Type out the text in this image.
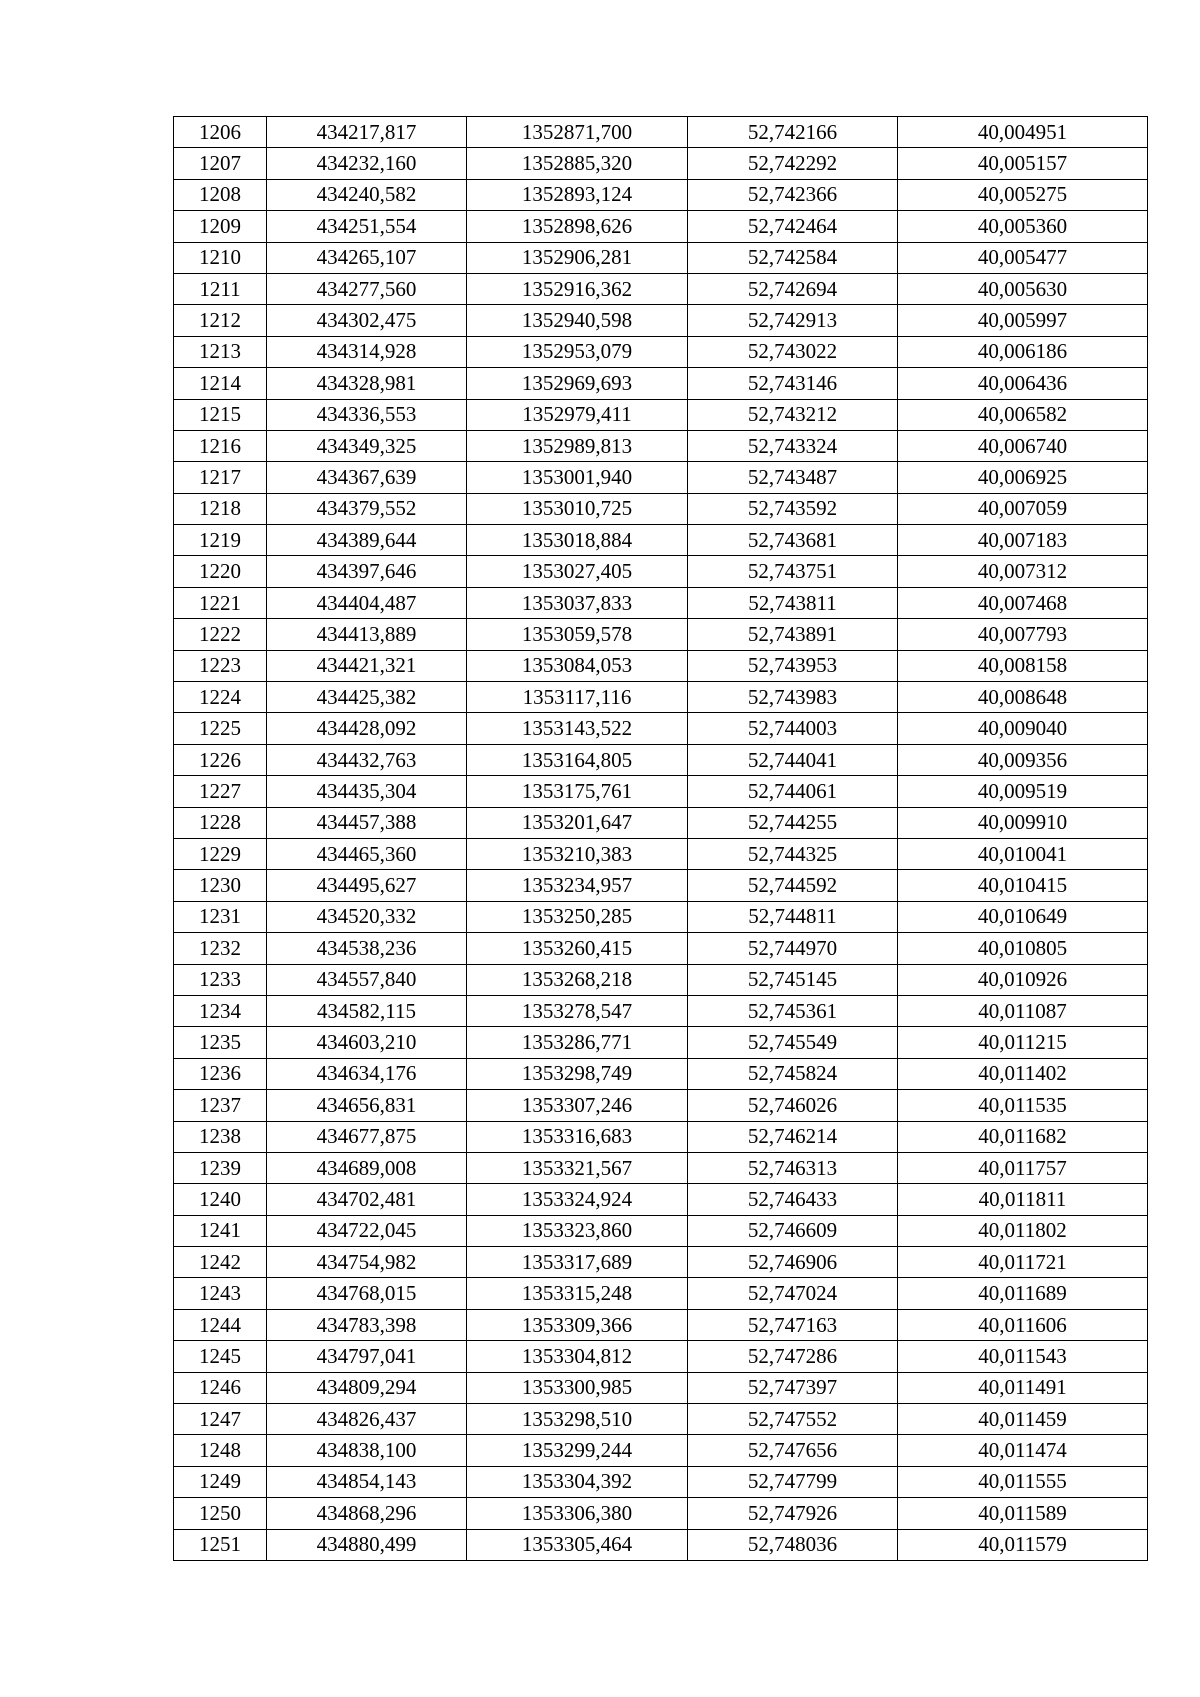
1206	434217,817	1352871,700	52,742166	40,004951
1207	434232,160	1352885,320	52,742292	40,005157
1208	434240,582	1352893,124	52,742366	40,005275
1209	434251,554	1352898,626	52,742464	40,005360
1210	434265,107	1352906,281	52,742584	40,005477
1211	434277,560	1352916,362	52,742694	40,005630
1212	434302,475	1352940,598	52,742913	40,005997
1213	434314,928	1352953,079	52,743022	40,006186
1214	434328,981	1352969,693	52,743146	40,006436
1215	434336,553	1352979,411	52,743212	40,006582
1216	434349,325	1352989,813	52,743324	40,006740
1217	434367,639	1353001,940	52,743487	40,006925
1218	434379,552	1353010,725	52,743592	40,007059
1219	434389,644	1353018,884	52,743681	40,007183
1220	434397,646	1353027,405	52,743751	40,007312
1221	434404,487	1353037,833	52,743811	40,007468
1222	434413,889	1353059,578	52,743891	40,007793
1223	434421,321	1353084,053	52,743953	40,008158
1224	434425,382	1353117,116	52,743983	40,008648
1225	434428,092	1353143,522	52,744003	40,009040
1226	434432,763	1353164,805	52,744041	40,009356
1227	434435,304	1353175,761	52,744061	40,009519
1228	434457,388	1353201,647	52,744255	40,009910
1229	434465,360	1353210,383	52,744325	40,010041
1230	434495,627	1353234,957	52,744592	40,010415
1231	434520,332	1353250,285	52,744811	40,010649
1232	434538,236	1353260,415	52,744970	40,010805
1233	434557,840	1353268,218	52,745145	40,010926
1234	434582,115	1353278,547	52,745361	40,011087
1235	434603,210	1353286,771	52,745549	40,011215
1236	434634,176	1353298,749	52,745824	40,011402
1237	434656,831	1353307,246	52,746026	40,011535
1238	434677,875	1353316,683	52,746214	40,011682
1239	434689,008	1353321,567	52,746313	40,011757
1240	434702,481	1353324,924	52,746433	40,011811
1241	434722,045	1353323,860	52,746609	40,011802
1242	434754,982	1353317,689	52,746906	40,011721
1243	434768,015	1353315,248	52,747024	40,011689
1244	434783,398	1353309,366	52,747163	40,011606
1245	434797,041	1353304,812	52,747286	40,011543
1246	434809,294	1353300,985	52,747397	40,011491
1247	434826,437	1353298,510	52,747552	40,011459
1248	434838,100	1353299,244	52,747656	40,011474
1249	434854,143	1353304,392	52,747799	40,011555
1250	434868,296	1353306,380	52,747926	40,011589
1251	434880,499	1353305,464	52,748036	40,011579
